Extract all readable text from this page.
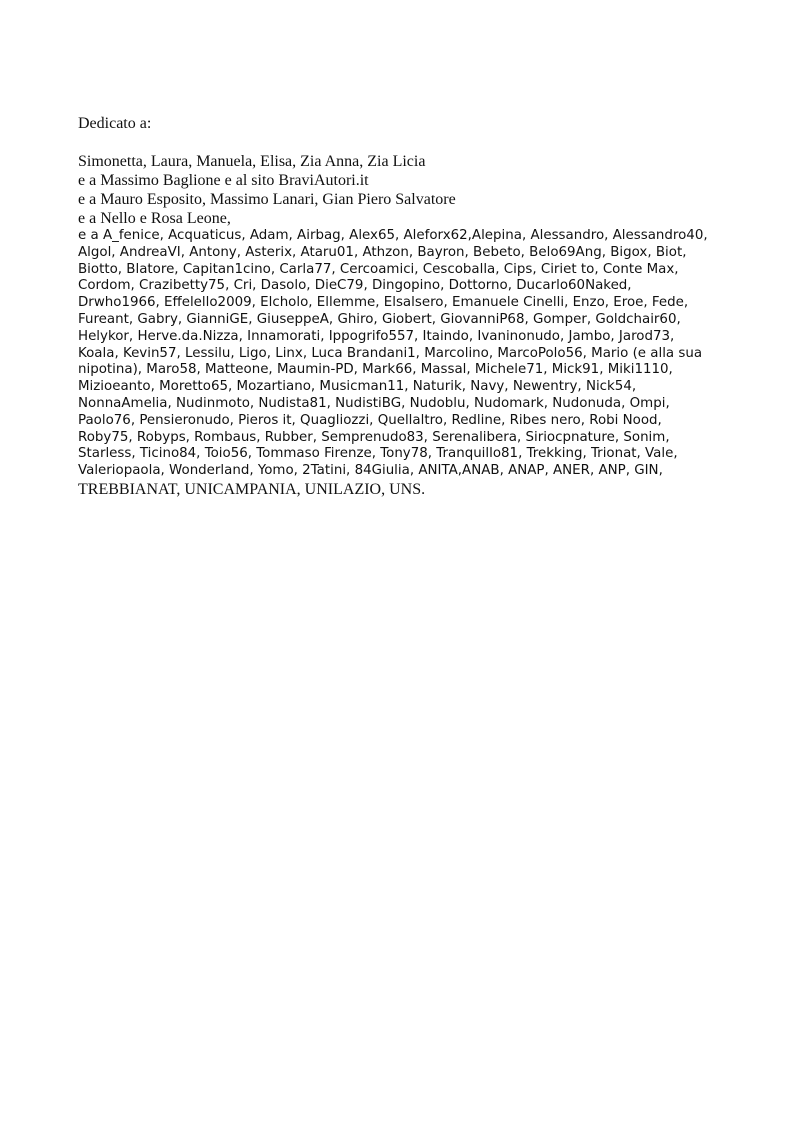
Dedicato a:

Simonetta, Laura, Manuela, Elisa, Zia Anna, Zia Licia

e a Massimo Baglione e al sito BraviAutori.it

e a Mauro Esposito, Massimo Lanari, Gian Piero Salvatore

e a Nello e Rosa Leone,

e a A_fenice, Acquaticus, Adam, Airbag, Alex65, Aleforx62,Alepina, Alessandro, Alessandro40,
Algol, AndreaVI, Antony, Asterix, Ataru01, Athzon, Bayron, Bebeto, Belo69Ang, Bigox, Biot,
Biotto, Blatore, Capitan1cino, Carla77, Cercoamici, Cescoballa, Cips, Ciriet to, Conte Max,
Cordom, Crazibetty75, Cri, Dasolo, DieC79, Dingopino, Dottorno, Ducarlo60Naked,
Drwho1966, Effelello2009, Elcholo, Ellemme, Elsalsero, Emanuele Cinelli, Enzo, Eroe, Fede,
Fureant, Gabry, GianniGE, GiuseppeA, Ghiro, Giobert, GiovanniP68, Gomper, Goldchair60,
Helykor, Herve.da.Nizza, Innamorati, Ippogrifo557, Itaindo, Ivaninonudo, Jambo, Jarod73,
Koala, Kevin57, Lessilu, Ligo, Linx, Luca Brandani1, Marcolino, MarcoPolo56, Mario (e alla sua
nipotina), Maro58, Matteone, Maumin-PD, Mark66, Massal, Michele71, Mick91, Miki1110,
Mizioeanto, Moretto65, Mozartiano, Musicman11, Naturik, Navy, Newentry, Nick54,
NonnaAmelia, Nudinmoto, Nudista81, NudistiBG, Nudoblu, Nudomark, Nudonuda, Ompi,
Paolo76, Pensieronudo, Pieros it, Quagliozzi, Quellaltro, Redline, Ribes nero, Robi Nood,
Roby75, Robyps, Rombaus, Rubber, Semprenudo83, Serenalibera, Siriocpnature, Sonim,
Starless, Ticino84, Toio56, Tommaso Firenze, Tony78, Tranquillo81, Trekking, Trionat, Vale,
Valeriopaola, Wonderland, Yomo, 2Tatini, 84Giulia, ANITA,ANAB, ANAP, ANER, ANP, GIN,

TREBBIANAT, UNICAMPANIA, UNILAZIO, UNS.
